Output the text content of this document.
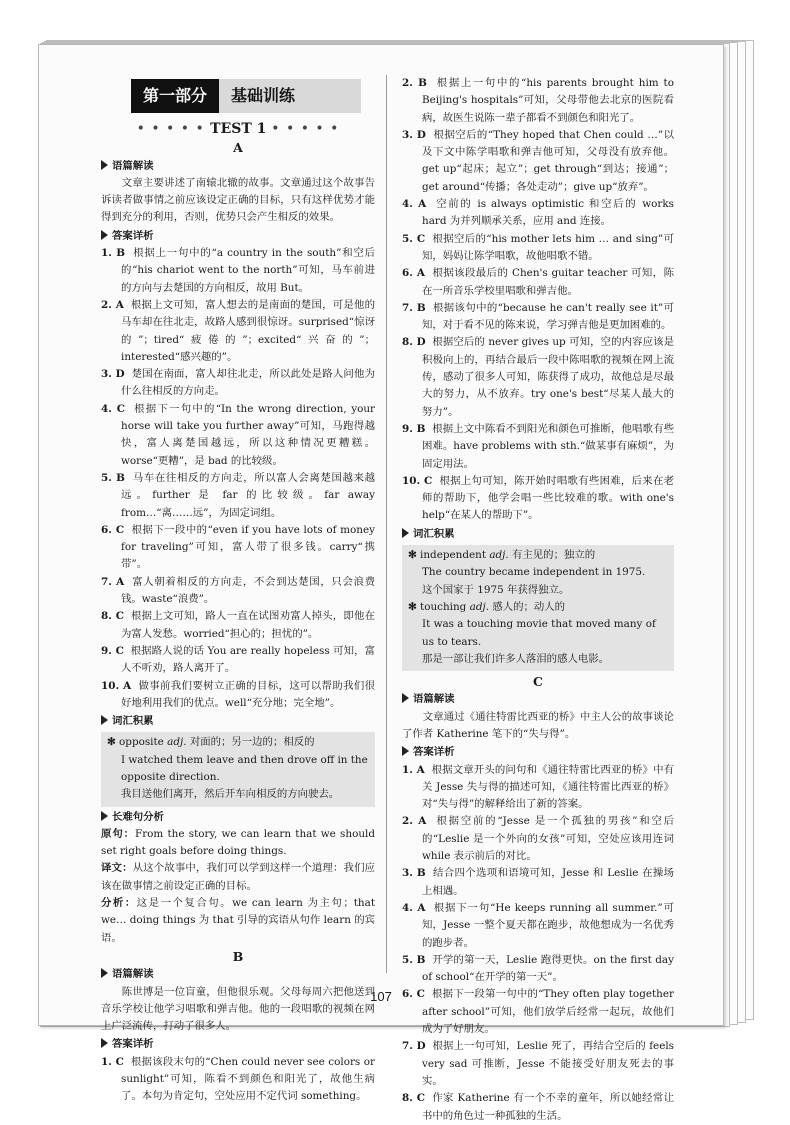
第一部分	基础训练
• • • • • TEST 1 • • • • •
A
语篇解读
文章主要讲述了南辕北辙的故事。文章通过这个故事告诉读者做事情之前应该设定正确的目标，只有这样优势才能得到充分的利用，否则，优势只会产生相反的效果。
答案详析
1. B 根据上一句中的“a country in the south”和空后的“his chariot went to the north”可知，马车前进的方向与去楚国的方向相反，故用 But。
2. A 根据上文可知，富人想去的是南面的楚国，可是他的马车却在往北走，故路人感到很惊讶。surprised“惊讶的”；tired“疲倦的”；excited“兴奋的”；interested“感兴趣的”。
3. D 楚国在南面，富人却往北走，所以此处是路人问他为什么往相反的方向走。
4. C 根据下一句中的“In the wrong direction, your horse will take you further away”可知，马跑得越快，富人离楚国越远，所以这种情况更糟糕。worse“更糟”，是 bad 的比较级。
5. B 马车在往相反的方向走，所以富人会离楚国越来越远。further 是 far 的比较级。far away from…“离……远”，为固定词组。
6. C 根据下一段中的“even if you have lots of money for traveling”可知，富人带了很多钱。carry“携带”。
7. A 富人朝着相反的方向走，不会到达楚国，只会浪费钱。waste“浪费”。
8. C 根据上文可知，路人一直在试图劝富人掉头，即他在为富人发愁。worried“担心的；担忧的”。
9. C 根据路人说的话 You are really hopeless 可知，富人不听劝，路人离开了。
10. A 做事前我们要树立正确的目标，这可以帮助我们很好地利用我们的优点。well“充分地；完全地”。
词汇积累
✻ opposite adj. 对面的；另一边的；相反的
I watched them leave and then drove off in the opposite direction.
我目送他们离开，然后开车向相反的方向驶去。
长难句分析
原句：From the story, we can learn that we should set right goals before doing things.
译文：从这个故事中，我们可以学到这样一个道理：我们应该在做事情之前设定正确的目标。
分析：这是一个复合句。we can learn 为主句；that we… doing things 为 that 引导的宾语从句作 learn 的宾语。
B
语篇解读
陈世博是一位盲童，但他很乐观。父母每周六把他送到音乐学校让他学习唱歌和弹吉他。他的一段唱歌的视频在网上广泛流传，打动了很多人。
答案详析
1. C 根据该段末句的“Chen could never see colors or sunlight”可知，陈看不到颜色和阳光了，故他生病了。本句为肯定句，空处应用不定代词 something。
2. B 根据上一句中的“his parents brought him to Beijing's hospitals”可知，父母带他去北京的医院看病，故医生说陈一辈子都看不到颜色和阳光了。
3. D 根据空后的“They hoped that Chen could …”以及下文中陈学唱歌和弹吉他可知，父母没有放弃他。get up“起床；起立”；get through“到达；接通”；get around“传播；各处走动”；give up“放弃”。
4. A 空前的 is always optimistic 和空后的 works hard 为并列顺承关系，应用 and 连接。
5. C 根据空后的“his mother lets him … and sing”可知，妈妈让陈学唱歌，故他唱歌不错。
6. A 根据该段最后的 Chen's guitar teacher 可知，陈在一所音乐学校里唱歌和弹吉他。
7. B 根据该句中的“because he can't really see it”可知，对于看不见的陈来说，学习弹吉他是更加困难的。
8. D 根据空后的 never gives up 可知，空的内容应该是积极向上的，再结合最后一段中陈唱歌的视频在网上流传，感动了很多人可知，陈获得了成功，故他总是尽最大的努力，从不放弃。try one's best“尽某人最大的努力”。
9. B 根据上文中陈看不到阳光和颜色可推断，他唱歌有些困难。have problems with sth.“做某事有麻烦”，为固定用法。
10. C 根据上句可知，陈开始时唱歌有些困难，后来在老师的帮助下，他学会唱一些比较难的歌。with one's help“在某人的帮助下”。
词汇积累
✻ independent adj. 有主见的；独立的
The country became independent in 1975.
这个国家于 1975 年获得独立。
✻ touching adj. 感人的；动人的
It was a touching movie that moved many of us to tears.
那是一部让我们许多人落泪的感人电影。
C
语篇解读
文章通过《通往特雷比西亚的桥》中主人公的故事谈论了作者 Katherine 笔下的“失与得”。
答案详析
1. A 根据文章开头的问句和《通往特雷比西亚的桥》中有关 Jesse 失与得的描述可知，《通往特雷比西亚的桥》对“失与得”的解释给出了新的答案。
2. A 根据空前的“Jesse 是一个孤独的男孩”和空后的“Leslie 是一个外向的女孩”可知，空处应该用连词 while 表示前后的对比。
3. B 结合四个选项和语境可知，Jesse 和 Leslie 在操场上相遇。
4. A 根据下一句“He keeps running all summer.”可知，Jesse 一整个夏天都在跑步，故他想成为一名优秀的跑步者。
5. B 开学的第一天，Leslie 跑得更快。on the first day of school“在开学的第一天”。
6. C 根据下一段第一句中的“They often play together after school”可知，他们放学后经常一起玩，故他们成为了好朋友。
7. D 根据上一句可知，Leslie 死了，再结合空后的 feels very sad 可推断，Jesse 不能接受好朋友死去的事实。
8. C 作家 Katherine 有一个不幸的童年，所以她经常让书中的角色过一种孤独的生活。
107
